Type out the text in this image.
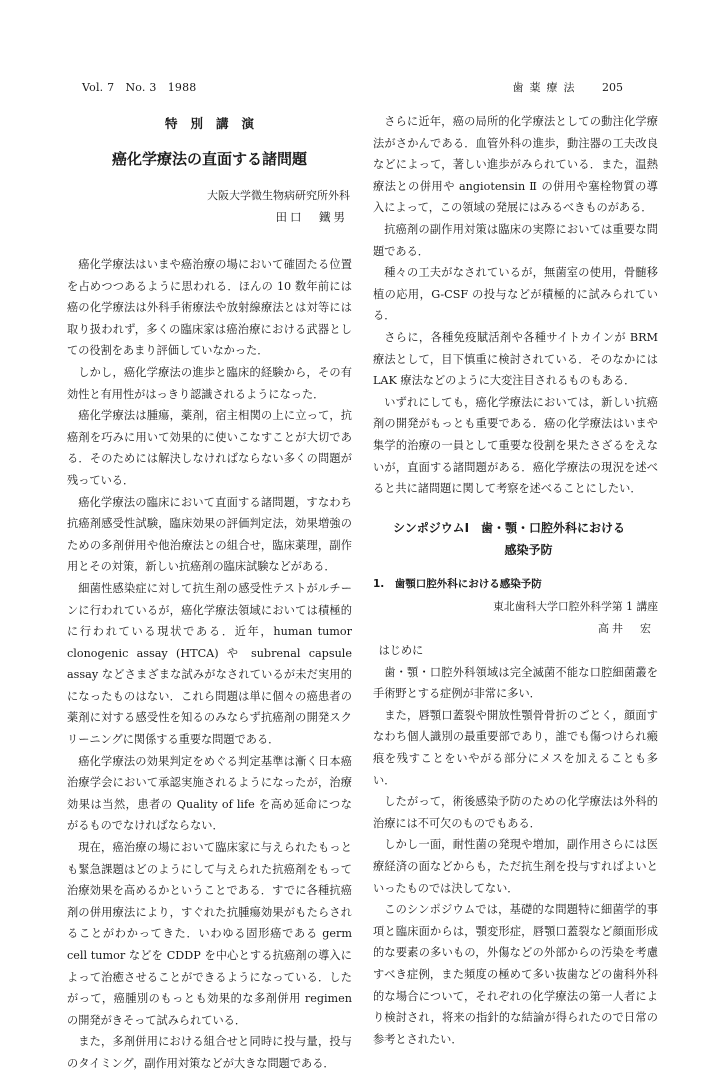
Vol. 7　No. 3　1988	歯薬療法 205
特別講演
癌化学療法の直面する諸問題
大阪大学微生物病研究所外科
田口　鐵男

癌化学療法はいまや癌治療の場において確固たる位置を占めつつあるように思われる．ほんの 10 数年前には癌の化学療法は外科手術療法や放射線療法とは対等には取り扱われず，多くの臨床家は癌治療における武器としての役割をあまり評価していなかった．

しかし，癌化学療法の進歩と臨床的経験から，その有効性と有用性がはっきり認識されるようになった．

癌化学療法は腫瘍，薬剤，宿主相関の上に立って，抗癌剤を巧みに用いて効果的に使いこなすことが大切である．そのためには解決しなければならない多くの問題が残っている．

癌化学療法の臨床において直面する諸問題，すなわち抗癌剤感受性試験，臨床効果の評価判定法，効果増強のための多剤併用や他治療法との組合せ，臨床薬理，副作用とその対策，新しい抗癌剤の臨床試験などがある．

細菌性感染症に対して抗生剤の感受性テストがルチーンに行われているが，癌化学療法領域においては積極的に行われている現状である．近年，human tumor clonogenic assay (HTCA) や subrenal capsule assay などさまざまな試みがなされているが未だ実用的になったものはない．これら問題は単に個々の癌患者の薬剤に対する感受性を知るのみならず抗癌剤の開発スクリーニングに関係する重要な問題である．

癌化学療法の効果判定をめぐる判定基準は漸く日本癌治療学会において承認実施されるようになったが，治療効果は当然，患者の Quality of life を高め延命につながるものでなければならない．

現在，癌治療の場において臨床家に与えられたもっとも緊急課題はどのようにして与えられた抗癌剤をもって治療効果を高めるかということである．すでに各種抗癌剤の併用療法により，すぐれた抗腫瘍効果がもたらされることがわかってきた．いわゆる固形癌である germ cell tumor などを CDDP を中心とする抗癌剤の導入によって治癒させることができるようになっている．したがって，癌腫別のもっとも効果的な多剤併用 regimen の開発がきそって試みられている．

また，多剤併用における組合せと同時に投与量，投与のタイミング，副作用対策などが大きな問題である．

さらに近年，癌の局所的化学療法としての動注化学療法がさかんである．血管外科の進歩，動注器の工夫改良などによって，著しい進歩がみられている．また，温熱療法との併用や angiotensin Ⅱ の併用や塞栓物質の導入によって，この領域の発展にはみるべきものがある．

抗癌剤の副作用対策は臨床の実際においては重要な問題である．

種々の工夫がなされているが，無菌室の使用，骨髄移植の応用，G-CSF の投与などが積極的に試みられている．

さらに，各種免疫賦活剤や各種サイトカインが BRM 療法として，目下慎重に検討されている．そのなかには LAK 療法などのように大変注目されるものもある．

いずれにしても，癌化学療法においては，新しい抗癌剤の開発がもっとも重要である．癌の化学療法はいまや集学的治療の一員として重要な役割を果たさざるをえないが，直面する諸問題がある．癌化学療法の現況を述べると共に諸問題に関して考察を述べることにしたい．

シンポジウムⅠ　歯・顎・口腔外科における
感染予防
1.　歯顎口腔外科における感染予防
東北歯科大学口腔外科学第 1 講座
高井　宏
はじめに

歯・顎・口腔外科領域は完全滅菌不能な口腔細菌叢を手術野とする症例が非常に多い．

また，唇顎口蓋裂や開放性顎骨骨折のごとく，顔面すなわち個人識別の最重要部であり，誰でも傷つけられ瘢痕を残すことをいやがる部分にメスを加えることも多い．

したがって，術後感染予防のための化学療法は外科的治療には不可欠のものでもある．

しかし一面，耐性菌の発現や増加，副作用さらには医療経済の面などからも，ただ抗生剤を投与すればよいといったものでは決してない．

このシンポジウムでは，基礎的な問題特に細菌学的事項と臨床面からは，顎変形症，唇顎口蓋裂など顔面形成的な要素の多いもの，外傷などの外部からの汚染を考慮すべき症例，また頻度の極めて多い抜歯などの歯科外科的な場合について，それぞれの化学療法の第一人者により検討され，将来の指針的な結論が得られたので日常の参考とされたい．
